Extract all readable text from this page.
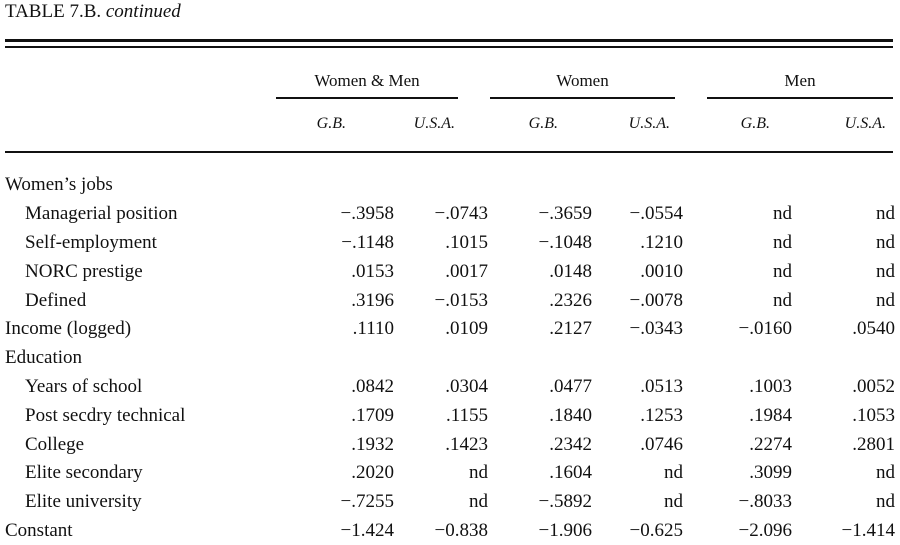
TABLE 7.B. continued
Women & Men	Women	Men
G.B.	U.S.A.	G.B.	U.S.A.	G.B.	U.S.A.
Women’s jobs						
Managerial position	−.3958	−.0743	−.3659	−.0554	nd	nd
Self-employment	−.1148	.1015	−.1048	.1210	nd	nd
NORC prestige	.0153	.0017	.0148	.0010	nd	nd
Defined	.3196	−.0153	.2326	−.0078	nd	nd
Income (logged)	.1110	.0109	.2127	−.0343	−.0160	.0540
Education						
Years of school	.0842	.0304	.0477	.0513	.1003	.0052
Post secdry technical	.1709	.1155	.1840	.1253	.1984	.1053
College	.1932	.1423	.2342	.0746	.2274	.2801
Elite secondary	.2020	nd	.1604	nd	.3099	nd
Elite university	−.7255	nd	−.5892	nd	−.8033	nd
Constant	−1.424	−0.838	−1.906	−0.625	−2.096	−1.414
